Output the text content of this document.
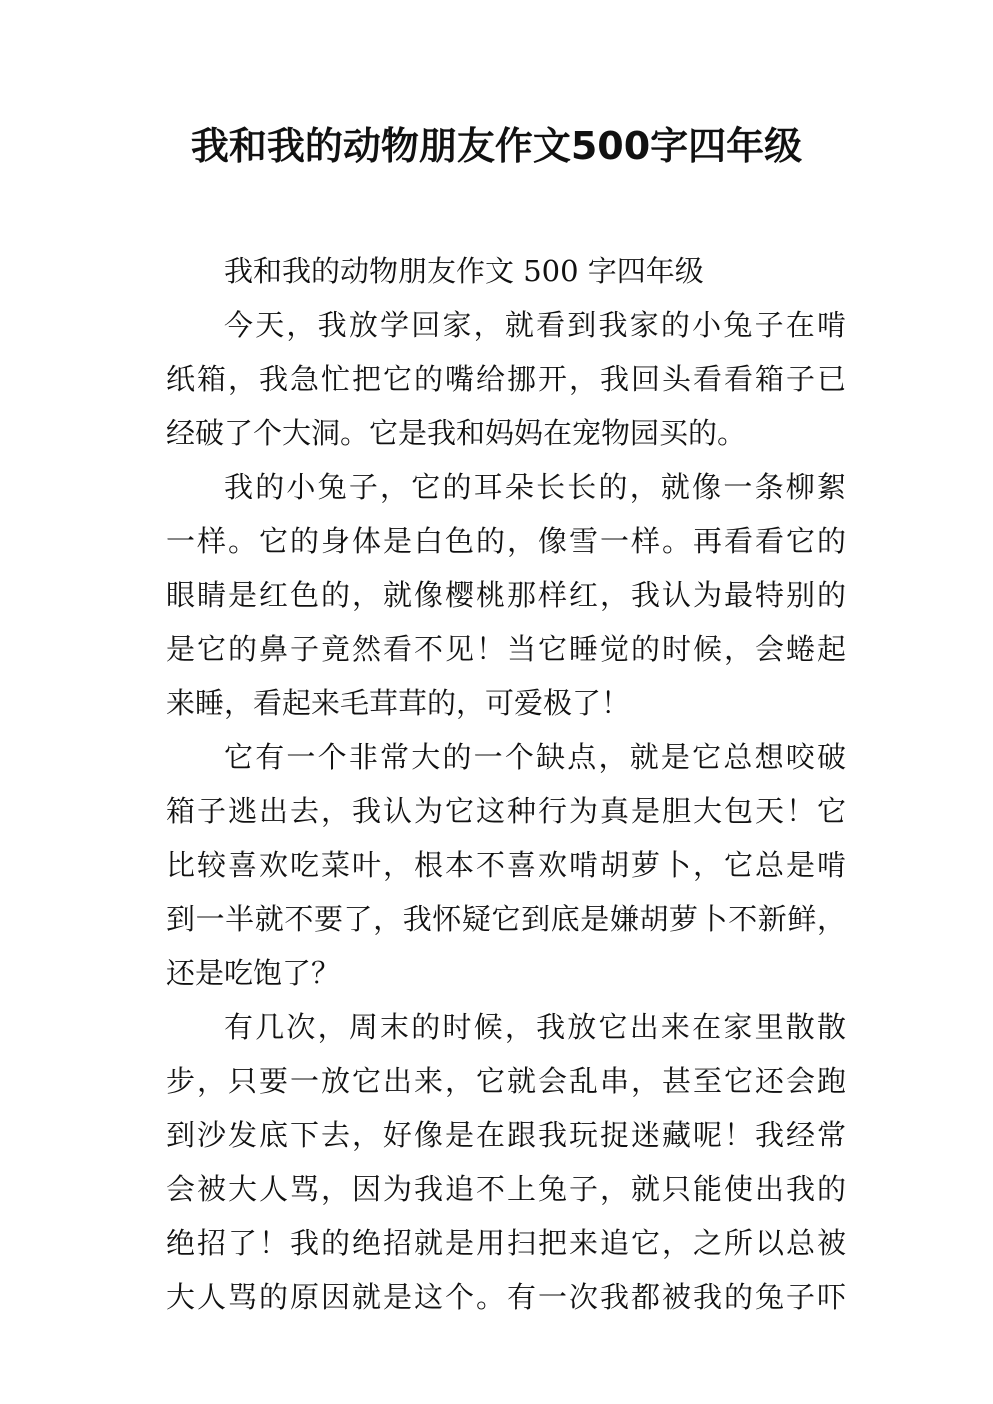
我和我的动物朋友作文500字四年级
我和我的动物朋友作文 500 字四年级
今天，我放学回家，就看到我家的小兔子在啃
纸箱，我急忙把它的嘴给挪开，我回头看看箱子已
经破了个大洞。它是我和妈妈在宠物园买的。
我的小兔子，它的耳朵长长的，就像一条柳絮
一样。它的身体是白色的，像雪一样。再看看它的
眼睛是红色的，就像樱桃那样红，我认为最特别的
是它的鼻子竟然看不见！当它睡觉的时候，会蜷起
来睡，看起来毛茸茸的，可爱极了！
它有一个非常大的一个缺点，就是它总想咬破
箱子逃出去，我认为它这种行为真是胆大包天！它
比较喜欢吃菜叶，根本不喜欢啃胡萝卜，它总是啃
到一半就不要了，我怀疑它到底是嫌胡萝卜不新鲜，
还是吃饱了？
有几次，周末的时候，我放它出来在家里散散
步，只要一放它出来，它就会乱串，甚至它还会跑
到沙发底下去，好像是在跟我玩捉迷藏呢！我经常
会被大人骂，因为我追不上兔子，就只能使出我的
绝招了！我的绝招就是用扫把来追它，之所以总被
大人骂的原因就是这个。有一次我都被我的兔子吓
